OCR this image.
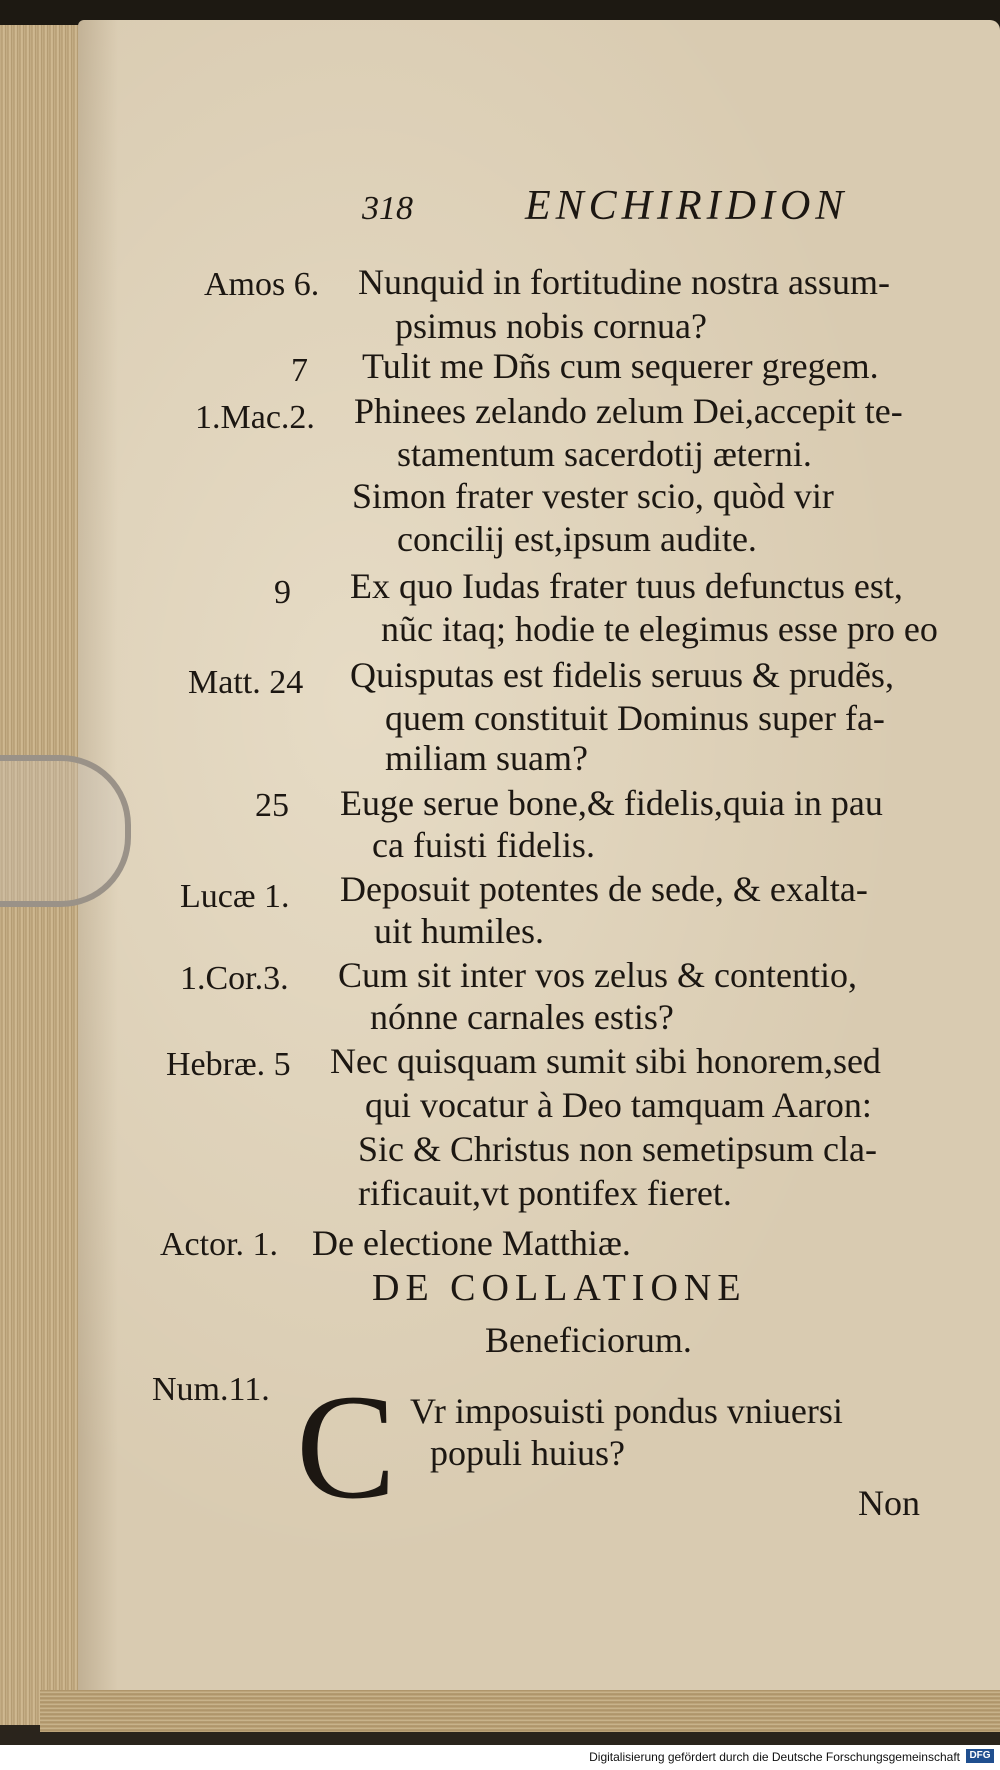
318	ENCHIRIDION
Amos 6. Nunquid in fortitudine nostra assum-
psimus nobis cornua?
7 Tulit me Dñs cum sequerer gregem.
1.Mac.2. Phinees zelando zelum Dei,accepit te-
stamentum sacerdotij æterni.
Simon frater vester scio, quòd vir
concilij est,ipsum audite.
9 Ex quo Iudas frater tuus defunctus est,
nũc itaq; hodie te elegimus esse pro eo
Matt. 24 Quisputas est fidelis seruus & prudẽs,
quem constituit Dominus super fa-
miliam suam?
25 Euge serue bone,& fidelis,quia in pau
ca fuisti fidelis.
Lucæ 1. Deposuit potentes de sede, & exalta-
uit humiles.
1.Cor.3. Cum sit inter vos zelus & contentio,
nónne carnales estis?
Hebræ. 5 Nec quisquam sumit sibi honorem,sed
qui vocatur à Deo tamquam Aaron:
Sic & Christus non semetipsum cla-
rificauit,vt pontifex fieret.
Actor. 1. De electione Matthiæ.
DE COLLATIONE
Beneficiorum.
Num.11. C Vr imposuisti pondus vniuersi
populi huius?
Non
Digitalisierung gefördert durch die Deutsche Forschungsgemeinschaft DFG
